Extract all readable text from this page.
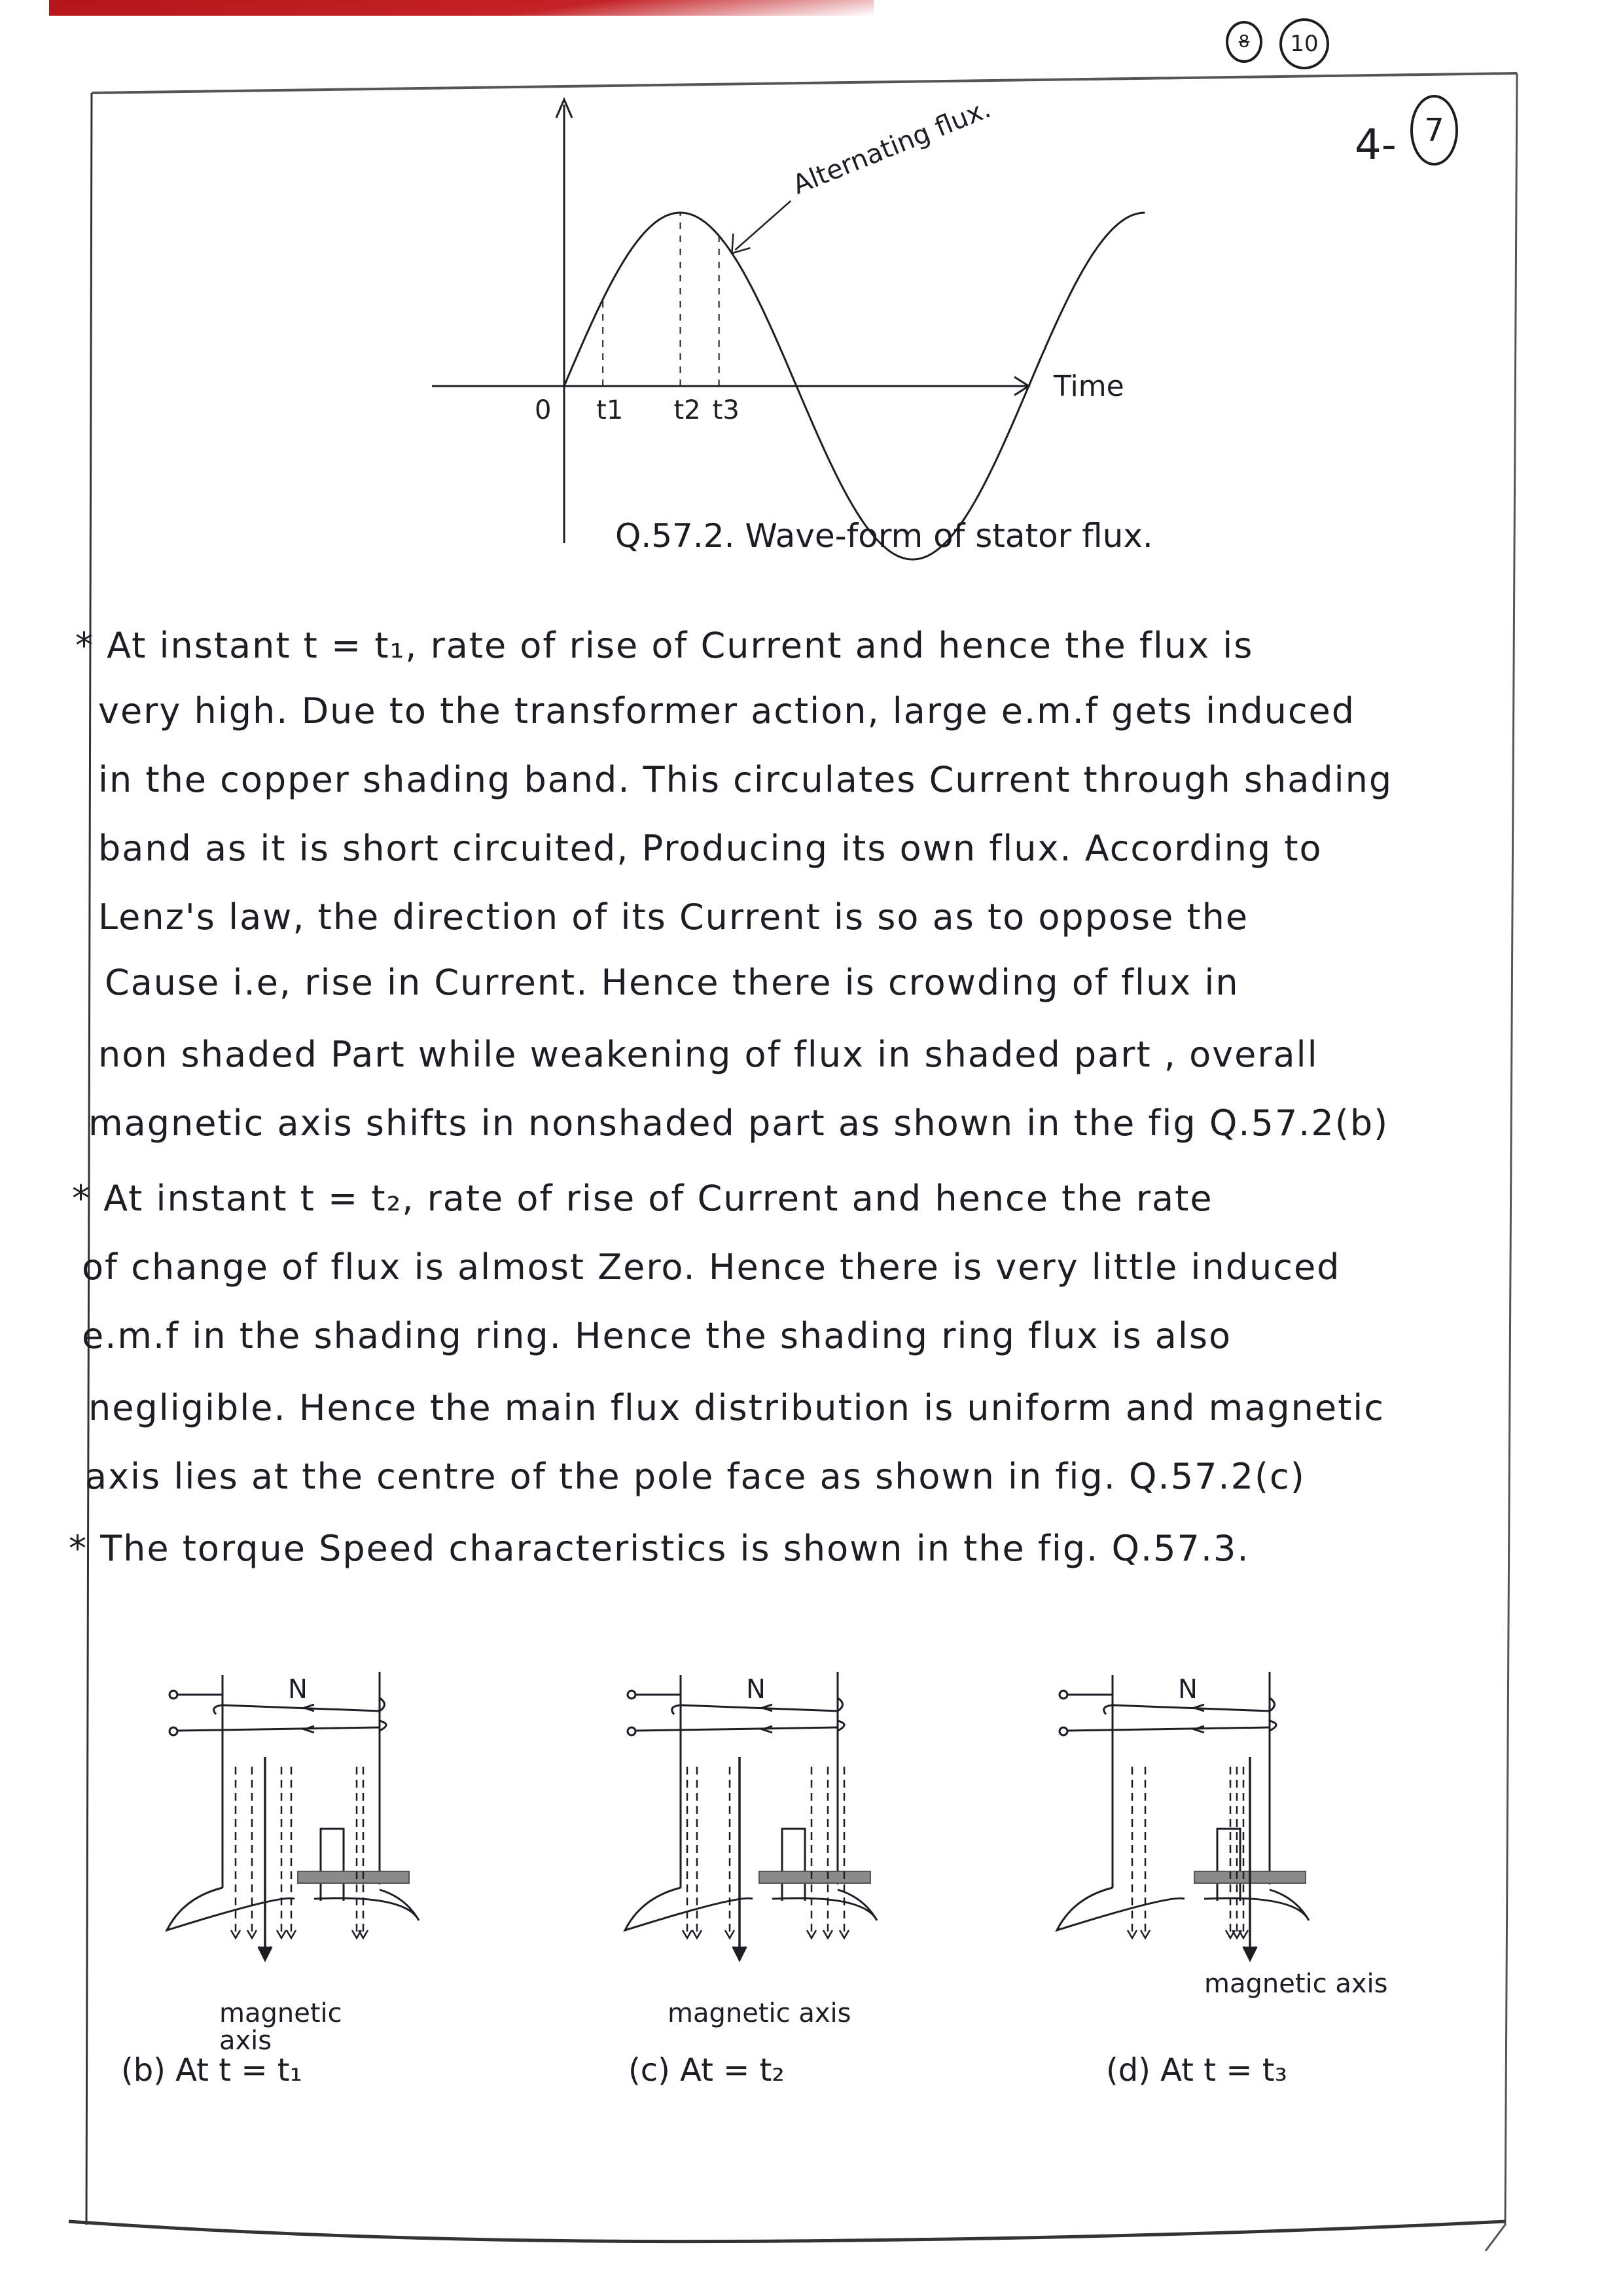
8 10
4- 7
t1 t2 t3
0
Time
Alternating flux.
Q.57.2. Wave-form of stator flux.
* At instant t = t₁, rate of rise of Current and hence the flux is
very high. Due to the transformer action, large e.m.f gets induced
in the copper shading band. This circulates Current through shading
band as it is short circuited, Producing its own flux. According to
Lenz's law, the direction of its Current is so as to oppose the
Cause i.e, rise in Current. Hence there is crowding of flux in
non shaded Part while weakening of flux in shaded part , overall
magnetic axis shifts in nonshaded part as shown in the fig Q.57.2(b)
* At instant t = t₂, rate of rise of Current and hence the rate
of change of flux is almost Zero. Hence there is very little induced
e.m.f in the shading ring. Hence the shading ring flux is also
negligible. Hence the main flux distribution is uniform and magnetic
axis lies at the centre of the pole face as shown in fig. Q.57.2(c)
* The torque Speed characteristics is shown in the fig. Q.57.3.
N
magnetic
axis
(b) At t = t₁
N
magnetic axis
(c) At = t₂
N
magnetic axis
(d) At t = t₃
